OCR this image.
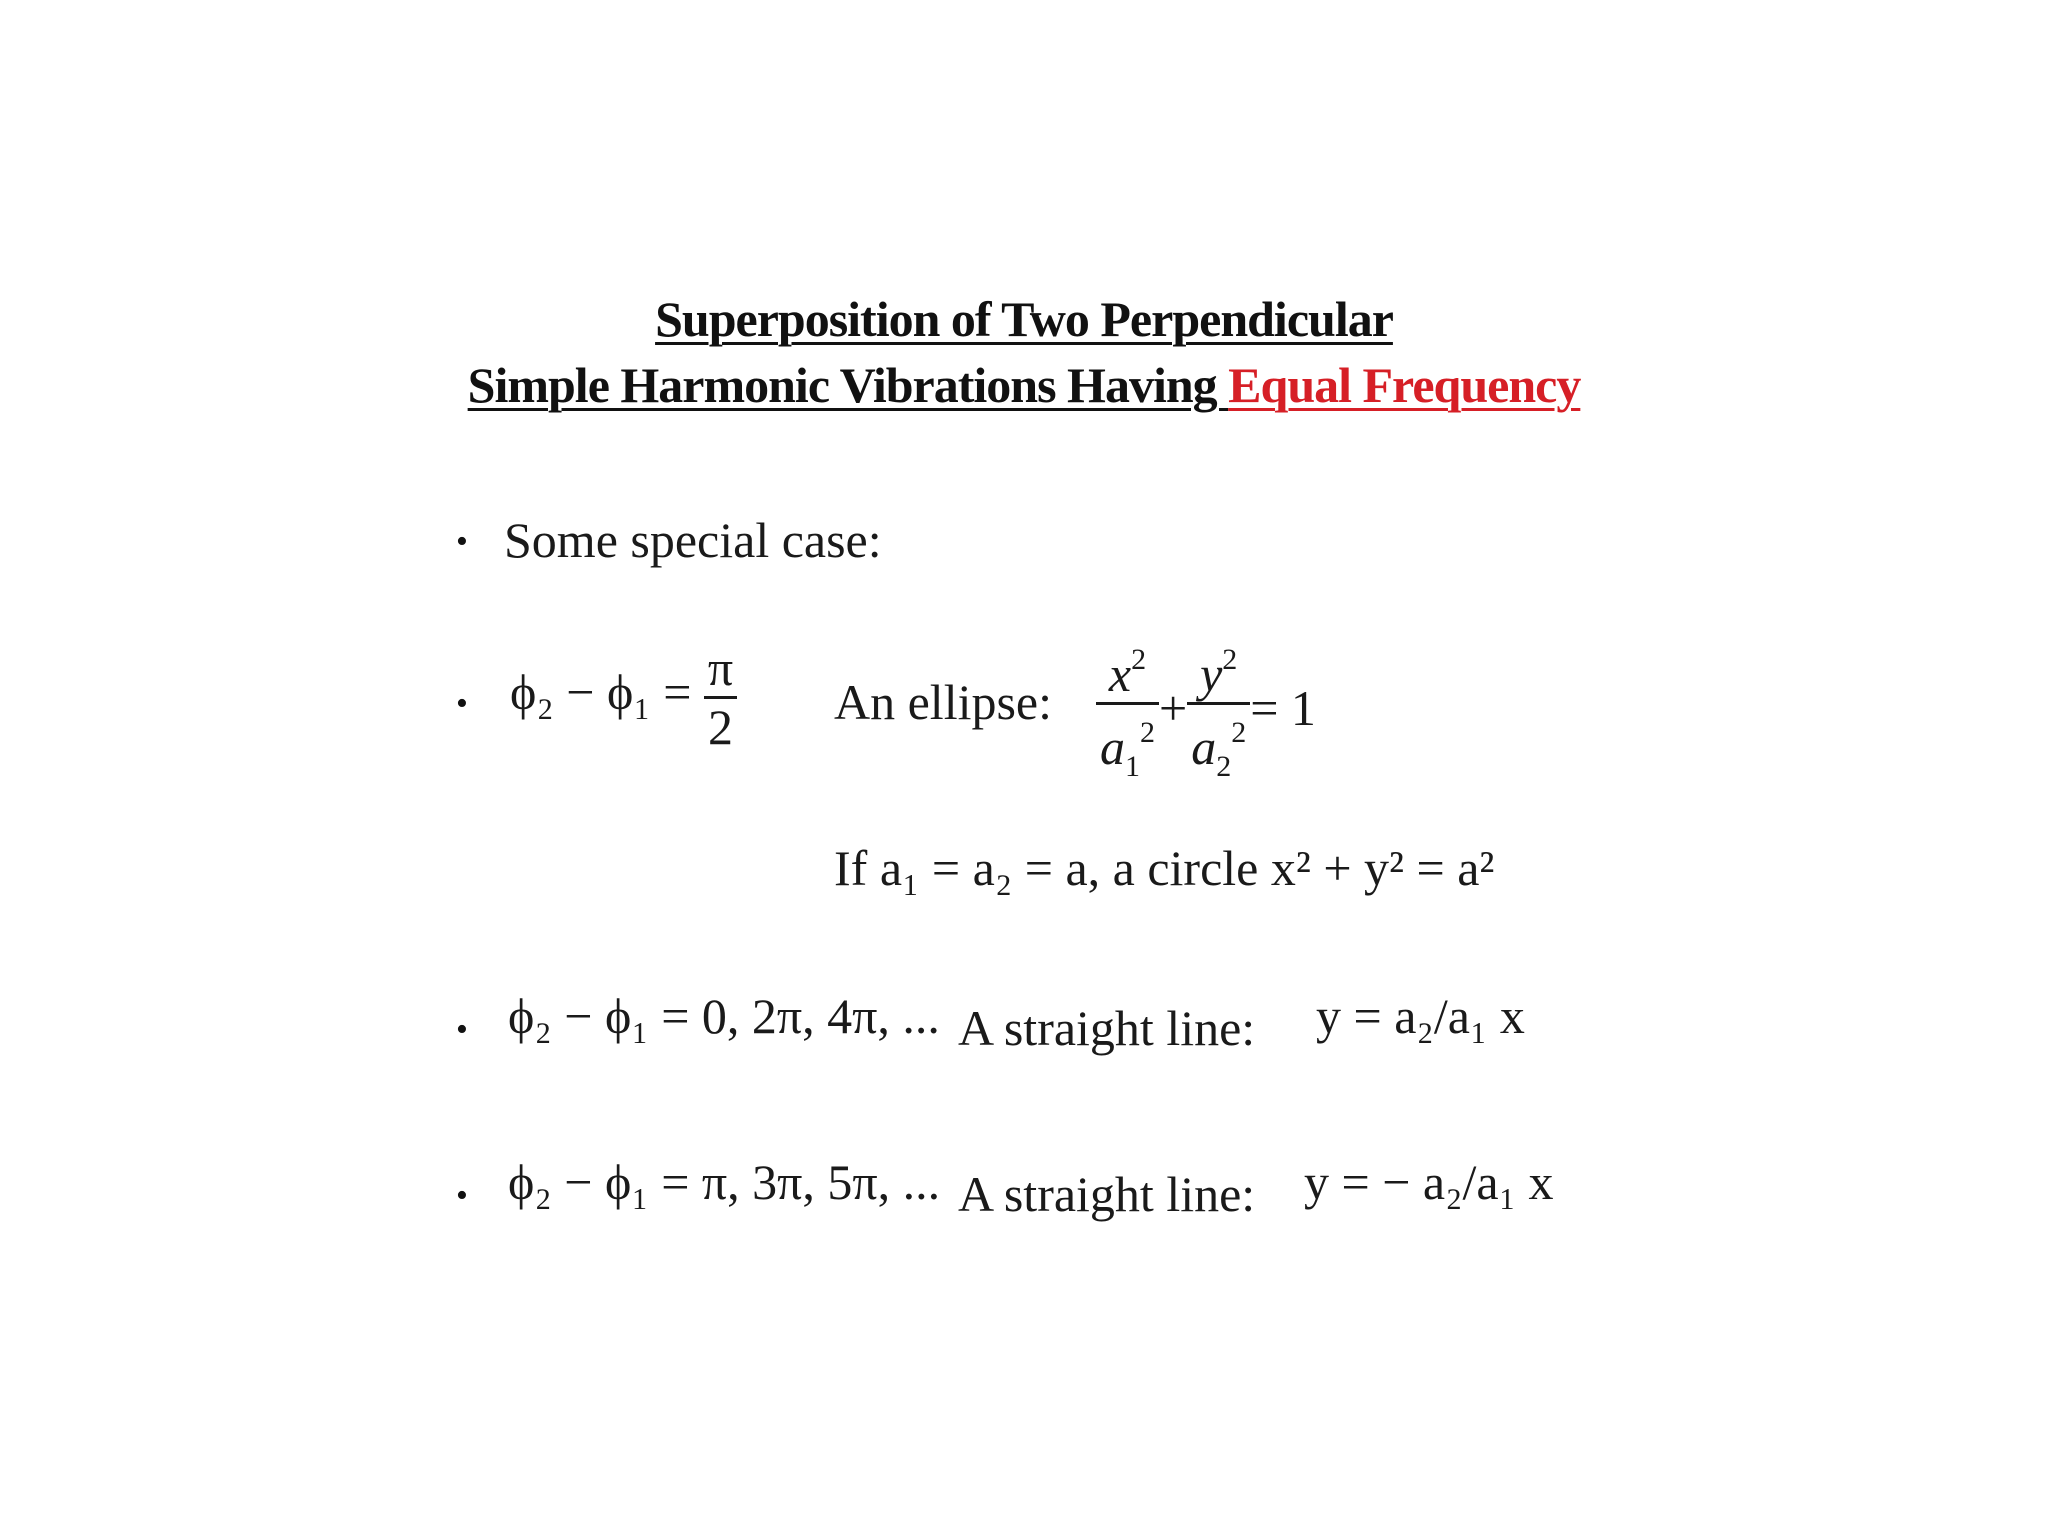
Superposition of Two Perpendicular
Simple Harmonic Vibrations Having Equal Frequency
• Some special case:
• $\phi_2 - \phi_1 = \frac{\pi}{2}$ An ellipse: $\frac{x^2}{a_1^2} + \frac{y^2}{a_2^2} = 1$
If a₁ = a₂ = a, a circle x² + y² = a²
• ϕ₂ − ϕ₁ = 0, 2π, 4π, ... A straight line: y = a₂/a₁ x
• ϕ₂ − ϕ₁ = π, 3π, 5π, ... A straight line: y = − a₂/a₁ x
